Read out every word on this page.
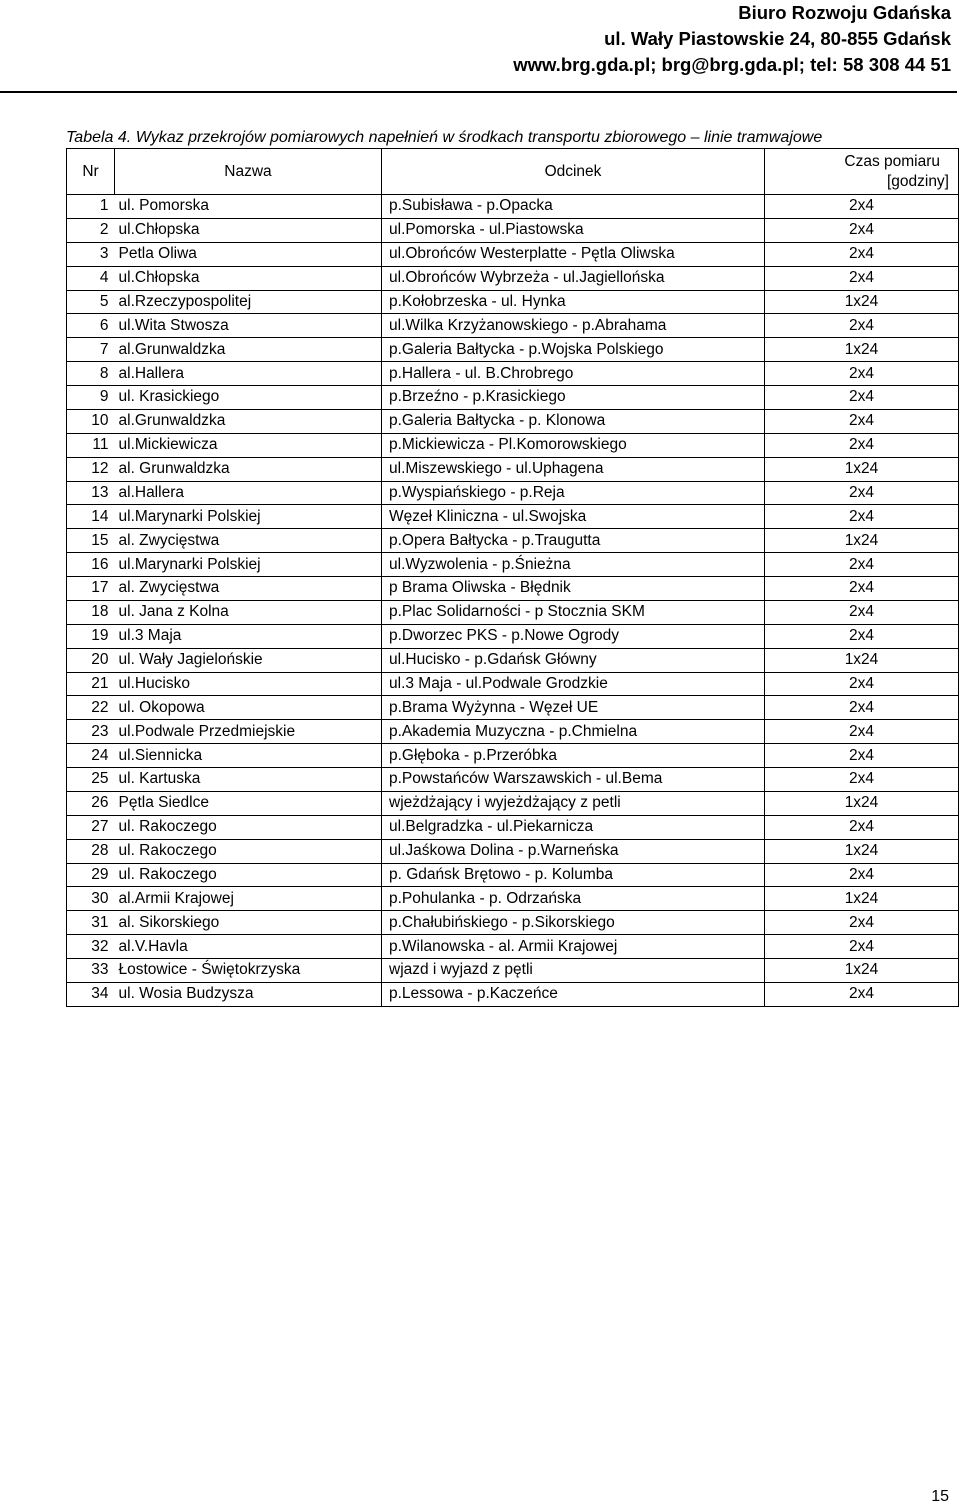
Biuro Rozwoju Gdańska
ul. Wały Piastowskie 24, 80-855 Gdańsk
www.brg.gda.pl; brg@brg.gda.pl; tel: 58 308 44 51
Tabela 4. Wykaz przekrojów pomiarowych napełnień w środkach transportu zbiorowego – linie tramwajowe
Nr	Nazwa	Odcinek	Czas pomiaru
[godziny]

1	ul. Pomorska	p.Subisława - p.Opacka	2x4
2	ul.Chłopska	ul.Pomorska - ul.Piastowska	2x4
3	Petla Oliwa	ul.Obrońców Westerplatte - Pętla Oliwska	2x4
4	ul.Chłopska	ul.Obrońców Wybrzeża - ul.Jagiellońska	2x4
5	al.Rzeczypospolitej	p.Kołobrzeska - ul. Hynka	1x24
6	ul.Wita Stwosza	ul.Wilka Krzyżanowskiego - p.Abrahama	2x4
7	al.Grunwaldzka	p.Galeria Bałtycka - p.Wojska Polskiego	1x24
8	al.Hallera	p.Hallera - ul. B.Chrobrego	2x4
9	ul. Krasickiego	p.Brzeźno - p.Krasickiego	2x4
10	al.Grunwaldzka	p.Galeria Bałtycka - p. Klonowa	2x4
11	ul.Mickiewicza	p.Mickiewicza - Pl.Komorowskiego	2x4
12	al. Grunwaldzka	ul.Miszewskiego - ul.Uphagena	1x24
13	al.Hallera	p.Wyspiańskiego - p.Reja	2x4
14	ul.Marynarki Polskiej	Węzeł Kliniczna - ul.Swojska	2x4
15	al. Zwycięstwa	p.Opera Bałtycka - p.Traugutta	1x24
16	ul.Marynarki Polskiej	ul.Wyzwolenia - p.Śnieżna	2x4
17	al. Zwycięstwa	p Brama Oliwska - Błędnik	2x4
18	ul. Jana z Kolna	p.Plac Solidarności - p Stocznia SKM	2x4
19	ul.3 Maja	p.Dworzec PKS - p.Nowe Ogrody	2x4
20	ul. Wały Jagielońskie	ul.Hucisko - p.Gdańsk Główny	1x24
21	ul.Hucisko	ul.3 Maja - ul.Podwale Grodzkie	2x4
22	ul. Okopowa	p.Brama Wyżynna - Węzeł UE	2x4
23	ul.Podwale Przedmiejskie	p.Akademia Muzyczna - p.Chmielna	2x4
24	ul.Siennicka	p.Głęboka - p.Przeróbka	2x4
25	ul. Kartuska	p.Powstańców Warszawskich - ul.Bema	2x4
26	Pętla Siedlce	wjeżdżający i wyjeżdżający z petli	1x24
27	ul. Rakoczego	ul.Belgradzka - ul.Piekarnicza	2x4
28	ul. Rakoczego	ul.Jaśkowa Dolina - p.Warneńska	1x24
29	ul. Rakoczego	p. Gdańsk Brętowo - p. Kolumba	2x4
30	al.Armii Krajowej	p.Pohulanka - p. Odrzańska	1x24
31	al. Sikorskiego	p.Chałubińskiego - p.Sikorskiego	2x4
32	al.V.Havla	p.Wilanowska - al. Armii Krajowej	2x4
33	Łostowice - Świętokrzyska	wjazd i wyjazd z pętli	1x24
34	ul. Wosia Budzysza	p.Lessowa - p.Kaczeńce	2x4
15
